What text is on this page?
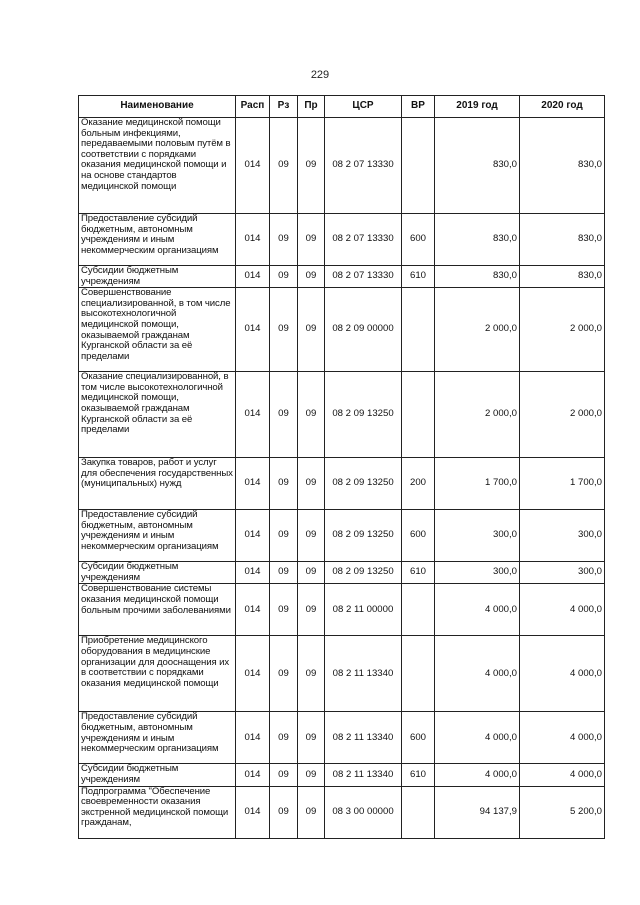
229
Наименование	Расп	Рз	Пр	ЦСР	ВР	2019 год	2020 год
Оказание медицинской помощи больным инфекциями, передаваемыми половым путём в соответствии с порядками оказания медицинской помощи и на основе стандартов медицинской помощи	014	09	09	08 2 07 13330		830,0	830,0
Предоставление субсидий бюджетным, автономным учреждениям и иным некоммерческим организациям	014	09	09	08 2 07 13330	600	830,0	830,0
Субсидии бюджетным учреждениям	014	09	09	08 2 07 13330	610	830,0	830,0
Совершенствование специализированной, в том числе высокотехнологичной медицинской помощи, оказываемой гражданам Курганской области за её пределами	014	09	09	08 2 09 00000		2 000,0	2 000,0
Оказание специализированной, в том числе высокотехнологичной медицинской помощи, оказываемой гражданам Курганской области за её пределами	014	09	09	08 2 09 13250		2 000,0	2 000,0
Закупка товаров, работ и услуг для обеспечения государственных (муниципальных) нужд	014	09	09	08 2 09 13250	200	1 700,0	1 700,0
Предоставление субсидий бюджетным, автономным учреждениям и иным некоммерческим организациям	014	09	09	08 2 09 13250	600	300,0	300,0
Субсидии бюджетным учреждениям	014	09	09	08 2 09 13250	610	300,0	300,0
Совершенствование системы оказания медицинской помощи больным прочими заболеваниями	014	09	09	08 2 11 00000		4 000,0	4 000,0
Приобретение медицинского оборудования в медицинские организации для дооснащения их в соответствии с порядками оказания медицинской помощи	014	09	09	08 2 11 13340		4 000,0	4 000,0
Предоставление субсидий бюджетным, автономным учреждениям и иным некоммерческим организациям	014	09	09	08 2 11 13340	600	4 000,0	4 000,0
Субсидии бюджетным учреждениям	014	09	09	08 2 11 13340	610	4 000,0	4 000,0
Подпрограмма "Обеспечение своевременности оказания экстренной медицинской помощи гражданам,	014	09	09	08 3 00 00000		94 137,9	5 200,0
